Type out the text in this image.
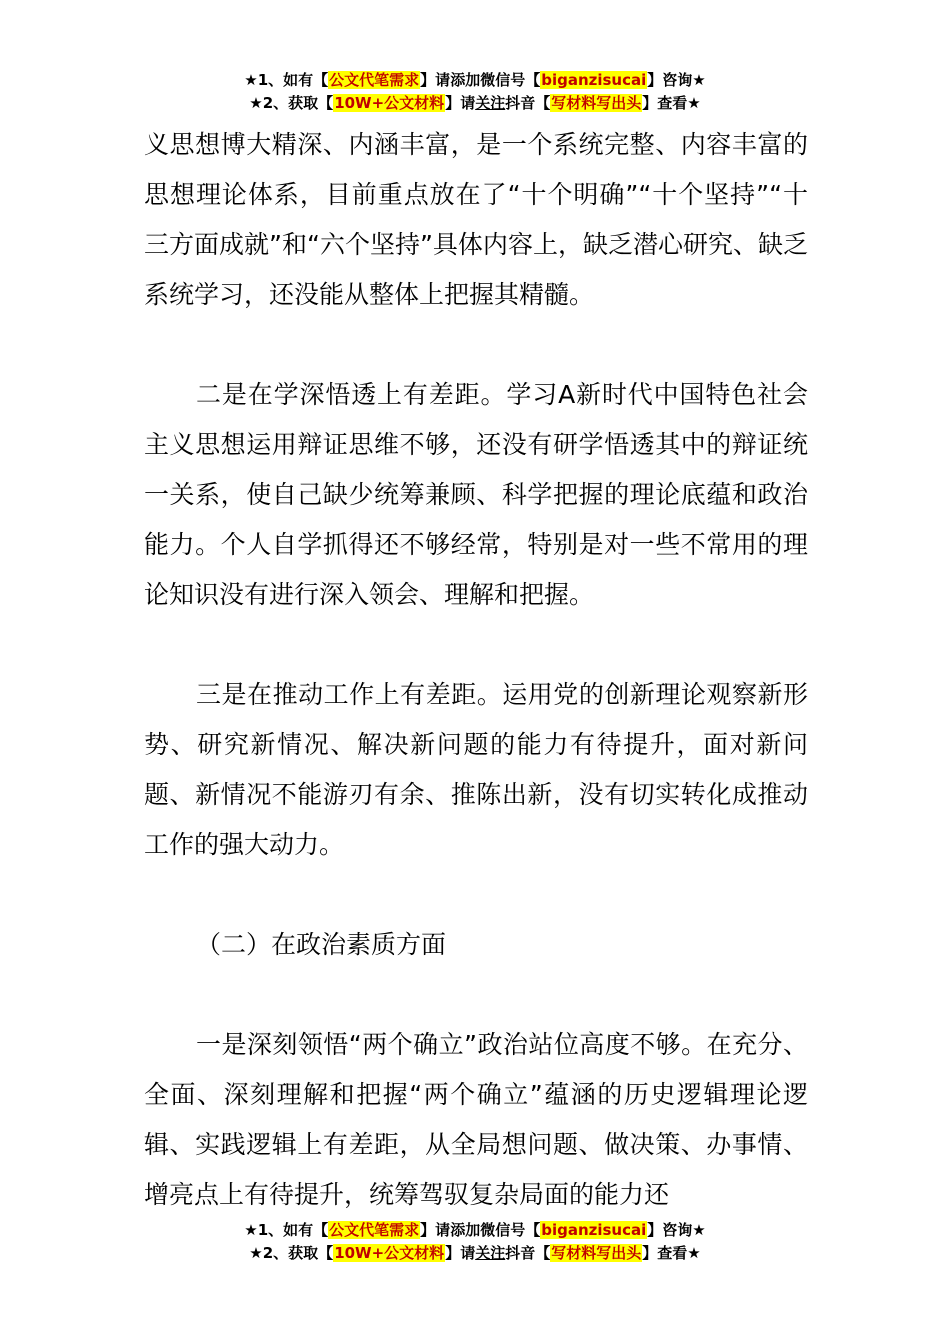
★1、如有【公文代笔需求】请添加微信号【biganzisucai】咨询★
★2、获取【10W+公文材料】请关注抖音【写材料写出头】查看★

义思想博大精深、内涵丰富，是一个系统完整、内容丰富的思想理论体系，目前重点放在了“十个明确”“十个坚持”“十三方面成就”和“六个坚持”具体内容上，缺乏潜心研究、缺乏系统学习，还没能从整体上把握其精髓。

二是在学深悟透上有差距。学习A新时代中国特色社会主义思想运用辩证思维不够，还没有研学悟透其中的辩证统一关系，使自己缺少统筹兼顾、科学把握的理论底蕴和政治能力。个人自学抓得还不够经常，特别是对一些不常用的理论知识没有进行深入领会、理解和把握。

三是在推动工作上有差距。运用党的创新理论观察新形势、研究新情况、解决新问题的能力有待提升，面对新问题、新情况不能游刃有余、推陈出新，没有切实转化成推动工作的强大动力。

（二）在政治素质方面

一是深刻领悟“两个确立”政治站位高度不够。在充分、全面、深刻理解和把握“两个确立”蕴涵的历史逻辑理论逻辑、实践逻辑上有差距，从全局想问题、做决策、办事情、增亮点上有待提升，统筹驾驭复杂局面的能力还

★1、如有【公文代笔需求】请添加微信号【biganzisucai】咨询★
★2、获取【10W+公文材料】请关注抖音【写材料写出头】查看★
